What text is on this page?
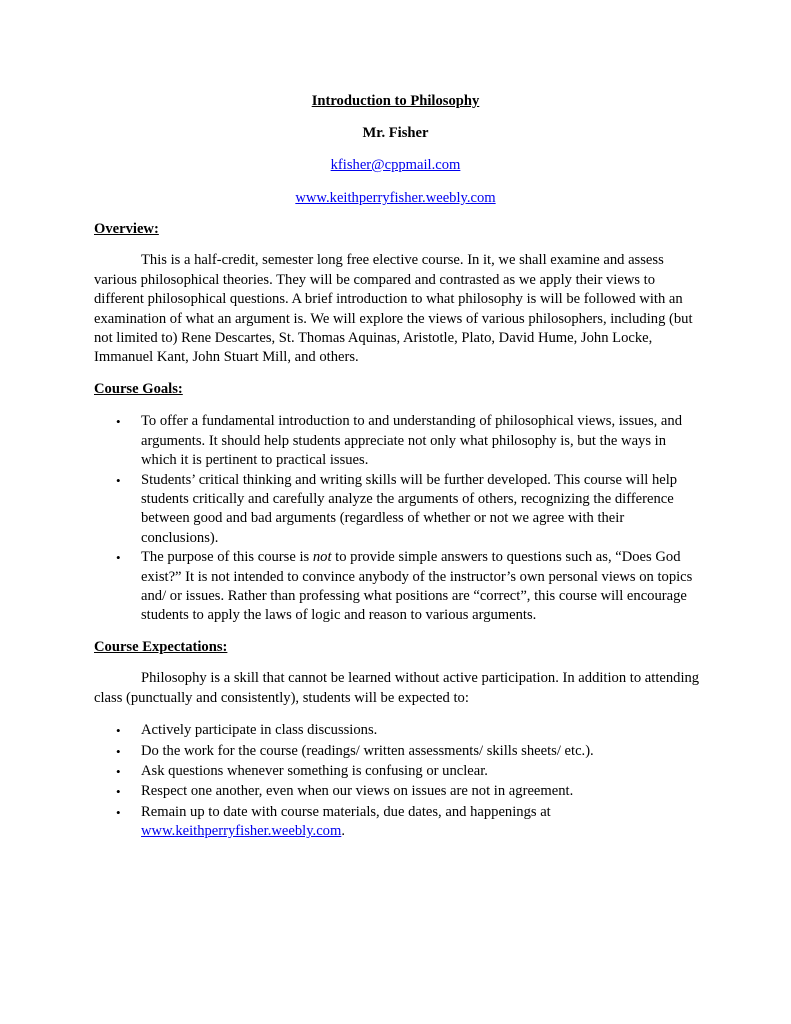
Introduction to Philosophy
Mr. Fisher
kfisher@cppmail.com
www.keithperryfisher.weebly.com
Overview:

This is a half-credit, semester long free elective course. In it, we shall examine and assess various philosophical theories. They will be compared and contrasted as we apply their views to different philosophical questions. A brief introduction to what philosophy is will be followed with an examination of what an argument is. We will explore the views of various philosophers, including (but not limited to) Rene Descartes, St. Thomas Aquinas, Aristotle, Plato, David Hume, John Locke, Immanuel Kant, John Stuart Mill, and others.

Course Goals:
• To offer a fundamental introduction to and understanding of philosophical views, issues, and arguments. It should help students appreciate not only what philosophy is, but the ways in which it is pertinent to practical issues.
• Students’ critical thinking and writing skills will be further developed. This course will help students critically and carefully analyze the arguments of others, recognizing the difference between good and bad arguments (regardless of whether or not we agree with their conclusions).
• The purpose of this course is not to provide simple answers to questions such as, “Does God exist?” It is not intended to convince anybody of the instructor’s own personal views on topics and/ or issues. Rather than professing what positions are “correct”, this course will encourage students to apply the laws of logic and reason to various arguments.
Course Expectations:

Philosophy is a skill that cannot be learned without active participation. In addition to attending class (punctually and consistently), students will be expected to:

• Actively participate in class discussions.
• Do the work for the course (readings/ written assessments/ skills sheets/ etc.).
• Ask questions whenever something is confusing or unclear.
• Respect one another, even when our views on issues are not in agreement.
• Remain up to date with course materials, due dates, and happenings at www.keithperryfisher.weebly.com.
